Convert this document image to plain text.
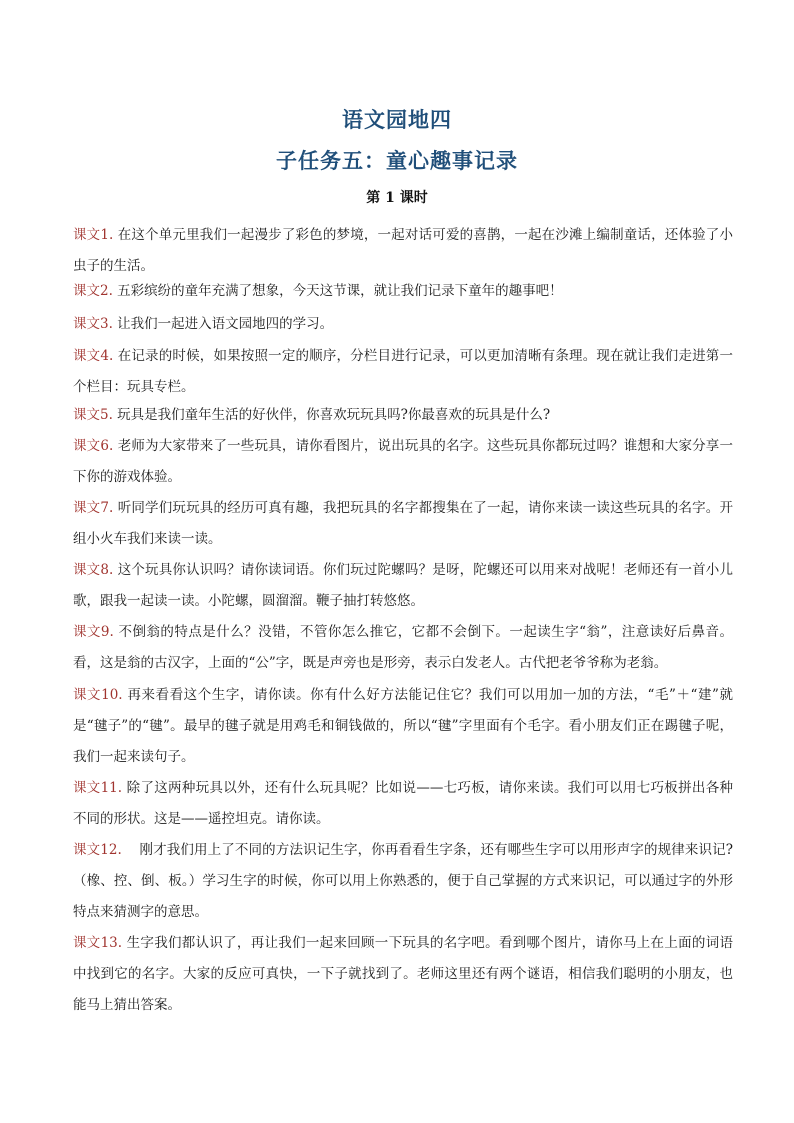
语文园地四
子任务五：童心趣事记录
第 1 课时
课文1. 在这个单元里我们一起漫步了彩色的梦境，一起对话可爱的喜鹊，一起在沙滩上编制童话，还体验了小虫子的生活。
课文2. 五彩缤纷的童年充满了想象，今天这节课，就让我们记录下童年的趣事吧！
课文3. 让我们一起进入语文园地四的学习。
课文4. 在记录的时候，如果按照一定的顺序，分栏目进行记录，可以更加清晰有条理。现在就让我们走进第一个栏目：玩具专栏。
课文5. 玩具是我们童年生活的好伙伴，你喜欢玩玩具吗?你最喜欢的玩具是什么?
课文6. 老师为大家带来了一些玩具，请你看图片，说出玩具的名字。这些玩具你都玩过吗？谁想和大家分享一下你的游戏体验。
课文7. 听同学们玩玩具的经历可真有趣，我把玩具的名字都搜集在了一起，请你来读一读这些玩具的名字。开组小火车我们来读一读。
课文8. 这个玩具你认识吗？请你读词语。你们玩过陀螺吗？是呀，陀螺还可以用来对战呢！老师还有一首小儿歌，跟我一起读一读。小陀螺，圆溜溜。鞭子抽打转悠悠。
课文9. 不倒翁的特点是什么？没错，不管你怎么推它，它都不会倒下。一起读生字“翁”，注意读好后鼻音。看，这是翁的古汉字，上面的“公”字，既是声旁也是形旁，表示白发老人。古代把老爷爷称为老翁。
课文10. 再来看看这个生字，请你读。你有什么好方法能记住它？我们可以用加一加的方法，“毛”＋“建”就是“毽子”的“毽”。最早的毽子就是用鸡毛和铜钱做的，所以“毽”字里面有个毛字。看小朋友们正在踢毽子呢，我们一起来读句子。
课文11. 除了这两种玩具以外，还有什么玩具呢？比如说——七巧板，请你来读。我们可以用七巧板拼出各种不同的形状。这是——遥控坦克。请你读。
课文12.    刚才我们用上了不同的方法识记生字，你再看看生字条，还有哪些生字可以用形声字的规律来识记?（橡、控、倒、板。）学习生字的时候，你可以用上你熟悉的，便于自己掌握的方式来识记，可以通过字的外形特点来猜测字的意思。
课文13. 生字我们都认识了，再让我们一起来回顾一下玩具的名字吧。看到哪个图片，请你马上在上面的词语中找到它的名字。大家的反应可真快，一下子就找到了。老师这里还有两个谜语，相信我们聪明的小朋友，也能马上猜出答案。
